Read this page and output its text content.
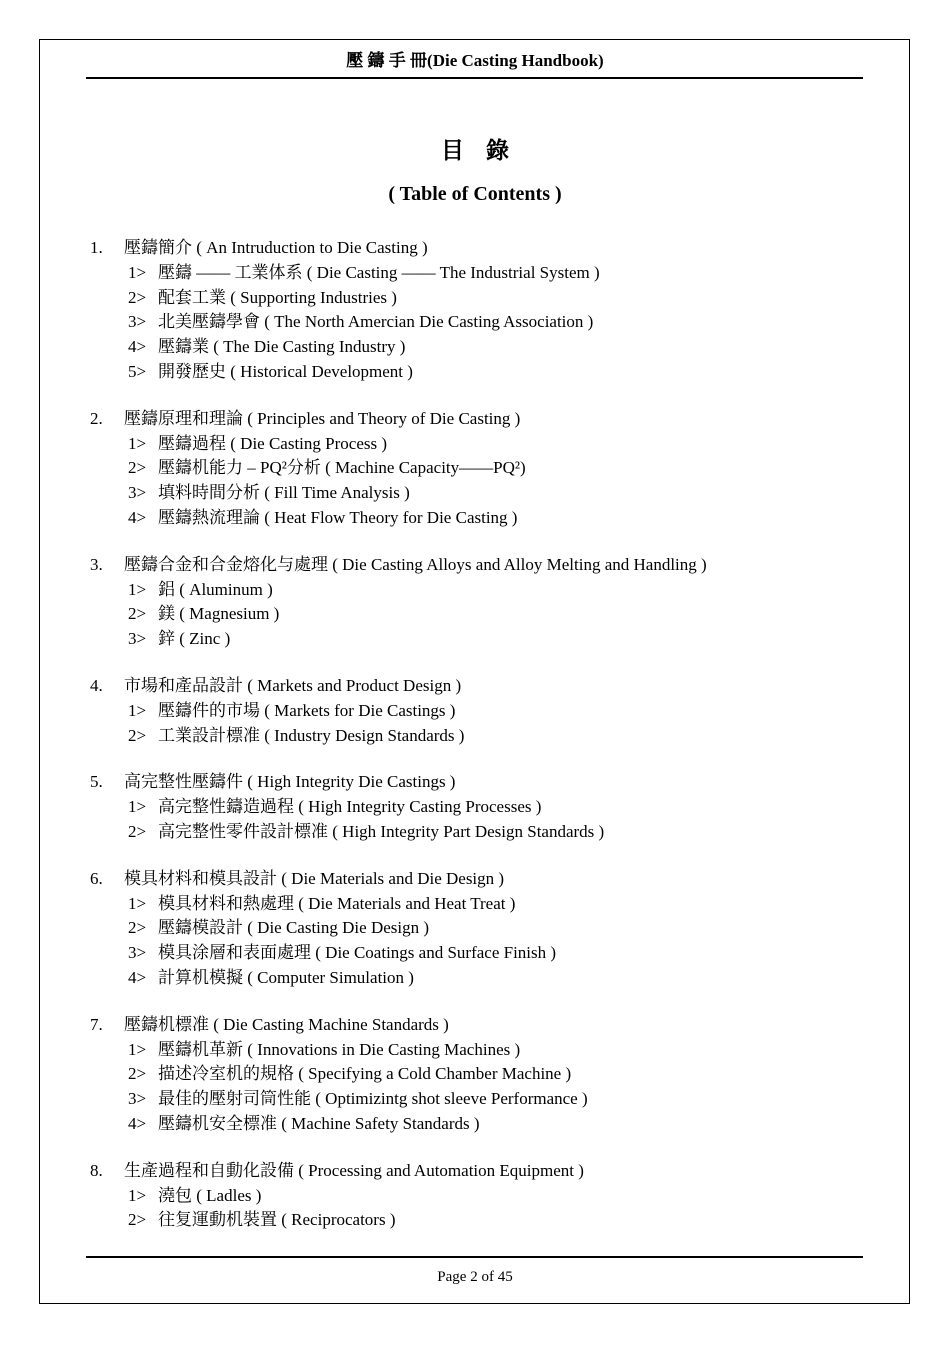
壓 鑄 手 冊(Die Casting Handbook)
目錄
( Table of Contents )
1. 壓鑄簡介 ( An Intruduction to Die Casting )
1> 壓鑄 —— 工業体系 ( Die Casting —— The Industrial System )
2> 配套工業 ( Supporting Industries )
3> 北美壓鑄學會 ( The North Amercian Die Casting Association )
4> 壓鑄業 ( The Die Casting Industry )
5> 開發歷史 ( Historical Development )
2. 壓鑄原理和理論 ( Principles and Theory of Die Casting )
1> 壓鑄過程 ( Die Casting Process )
2> 壓鑄机能力 – PQ²分析 ( Machine Capacity——PQ²)
3> 填料時間分析 ( Fill Time Analysis )
4> 壓鑄熱流理論 ( Heat Flow Theory for Die Casting )
3. 壓鑄合金和合金熔化与處理 ( Die Casting Alloys and Alloy Melting and Handling )
1> 鋁 ( Aluminum )
2> 鎂 ( Magnesium )
3> 鋅 ( Zinc )
4. 市場和產品設計 ( Markets and Product Design )
1> 壓鑄件的市場 ( Markets for Die Castings )
2> 工業設計標准 ( Industry Design Standards )
5. 高完整性壓鑄件 ( High Integrity Die Castings )
1> 高完整性鑄造過程 ( High Integrity Casting Processes )
2> 高完整性零件設計標准 ( High Integrity Part Design Standards )
6. 模具材料和模具設計 ( Die Materials and Die Design )
1> 模具材料和熱處理 ( Die Materials and Heat Treat )
2> 壓鑄模設計 ( Die Casting Die Design )
3> 模具涂層和表面處理 ( Die Coatings and Surface Finish )
4> 計算机模擬 ( Computer Simulation )
7. 壓鑄机標准 ( Die Casting Machine Standards )
1> 壓鑄机革新 ( Innovations in Die Casting Machines )
2> 描述冷室机的規格 ( Specifying a Cold Chamber Machine )
3> 最佳的壓射司筒性能 ( Optimizintg shot sleeve Performance )
4> 壓鑄机安全標准 ( Machine Safety Standards )
8. 生產過程和自動化設備 ( Processing and Automation Equipment )
1> 澆包 ( Ladles )
2> 往复運動机裝置 ( Reciprocators )
Page 2 of 45
